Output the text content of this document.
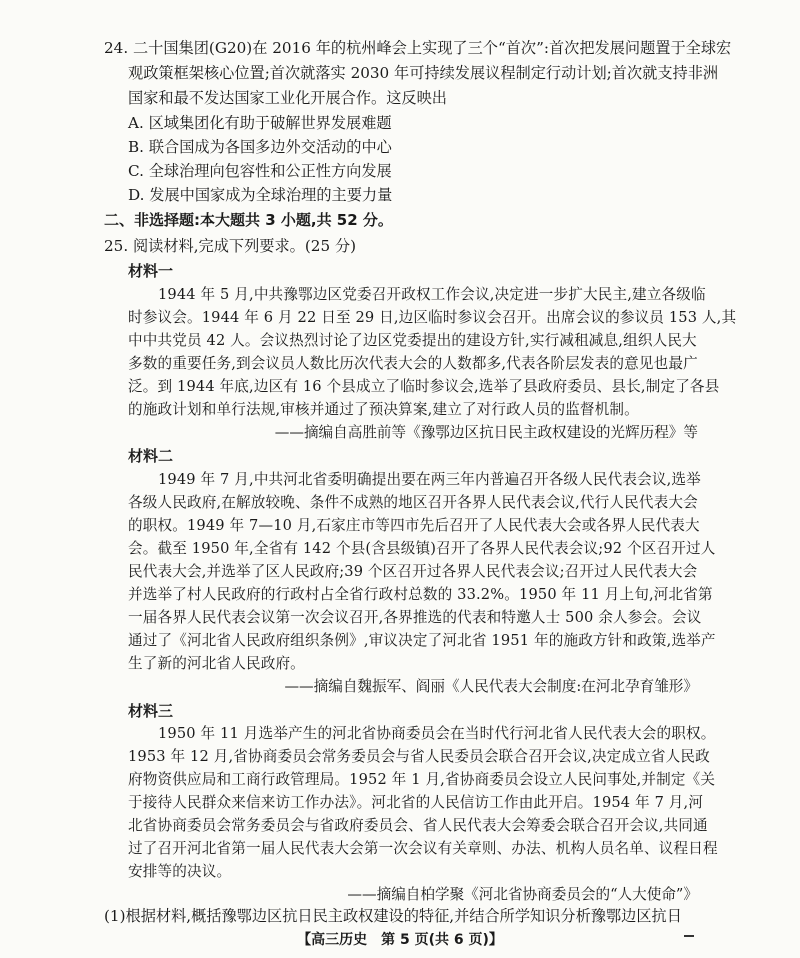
24. 二十国集团(G20)在 2016 年的杭州峰会上实现了三个“首次”:首次把发展问题置于全球宏
观政策框架核心位置;首次就落实 2030 年可持续发展议程制定行动计划;首次就支持非洲
国家和最不发达国家工业化开展合作。这反映出
A. 区域集团化有助于破解世界发展难题
B. 联合国成为各国多边外交活动的中心
C. 全球治理向包容性和公正性方向发展
D. 发展中国家成为全球治理的主要力量
二、非选择题:本大题共 3 小题,共 52 分。
25. 阅读材料,完成下列要求。(25 分)
材料一
1944 年 5 月,中共豫鄂边区党委召开政权工作会议,决定进一步扩大民主,建立各级临
时参议会。1944 年 6 月 22 日至 29 日,边区临时参议会召开。出席会议的参议员 153 人,其
中中共党员 42 人。会议热烈讨论了边区党委提出的建设方针,实行减租减息,组织人民大
多数的重要任务,到会议员人数比历次代表大会的人数都多,代表各阶层发表的意见也最广
泛。到 1944 年底,边区有 16 个县成立了临时参议会,选举了县政府委员、县长,制定了各县
的施政计划和单行法规,审核并通过了预决算案,建立了对行政人员的监督机制。
——摘编自高胜前等《豫鄂边区抗日民主政权建设的光辉历程》等
材料二
1949 年 7 月,中共河北省委明确提出要在两三年内普遍召开各级人民代表会议,选举
各级人民政府,在解放较晚、条件不成熟的地区召开各界人民代表会议,代行人民代表大会
的职权。1949 年 7—10 月,石家庄市等四市先后召开了人民代表大会或各界人民代表大
会。截至 1950 年,全省有 142 个县(含县级镇)召开了各界人民代表会议;92 个区召开过人
民代表大会,并选举了区人民政府;39 个区召开过各界人民代表会议;召开过人民代表大会
并选举了村人民政府的行政村占全省行政村总数的 33.2%。1950 年 11 月上旬,河北省第
一届各界人民代表会议第一次会议召开,各界推选的代表和特邀人士 500 余人参会。会议
通过了《河北省人民政府组织条例》,审议决定了河北省 1951 年的施政方针和政策,选举产
生了新的河北省人民政府。
——摘编自魏振军、阎丽《人民代表大会制度:在河北孕育雏形》
材料三
1950 年 11 月选举产生的河北省协商委员会在当时代行河北省人民代表大会的职权。
1953 年 12 月,省协商委员会常务委员会与省人民委员会联合召开会议,决定成立省人民政
府物资供应局和工商行政管理局。1952 年 1 月,省协商委员会设立人民问事处,并制定《关
于接待人民群众来信来访工作办法》。河北省的人民信访工作由此开启。1954 年 7 月,河
北省协商委员会常务委员会与省政府委员会、省人民代表大会筹委会联合召开会议,共同通
过了召开河北省第一届人民代表大会第一次会议有关章则、办法、机构人员名单、议程日程
安排等的决议。
——摘编自柏学聚《河北省协商委员会的“人大使命”》
(1)根据材料,概括豫鄂边区抗日民主政权建设的特征,并结合所学知识分析豫鄂边区抗日
【高三历史　第 5 页(共 6 页)】
